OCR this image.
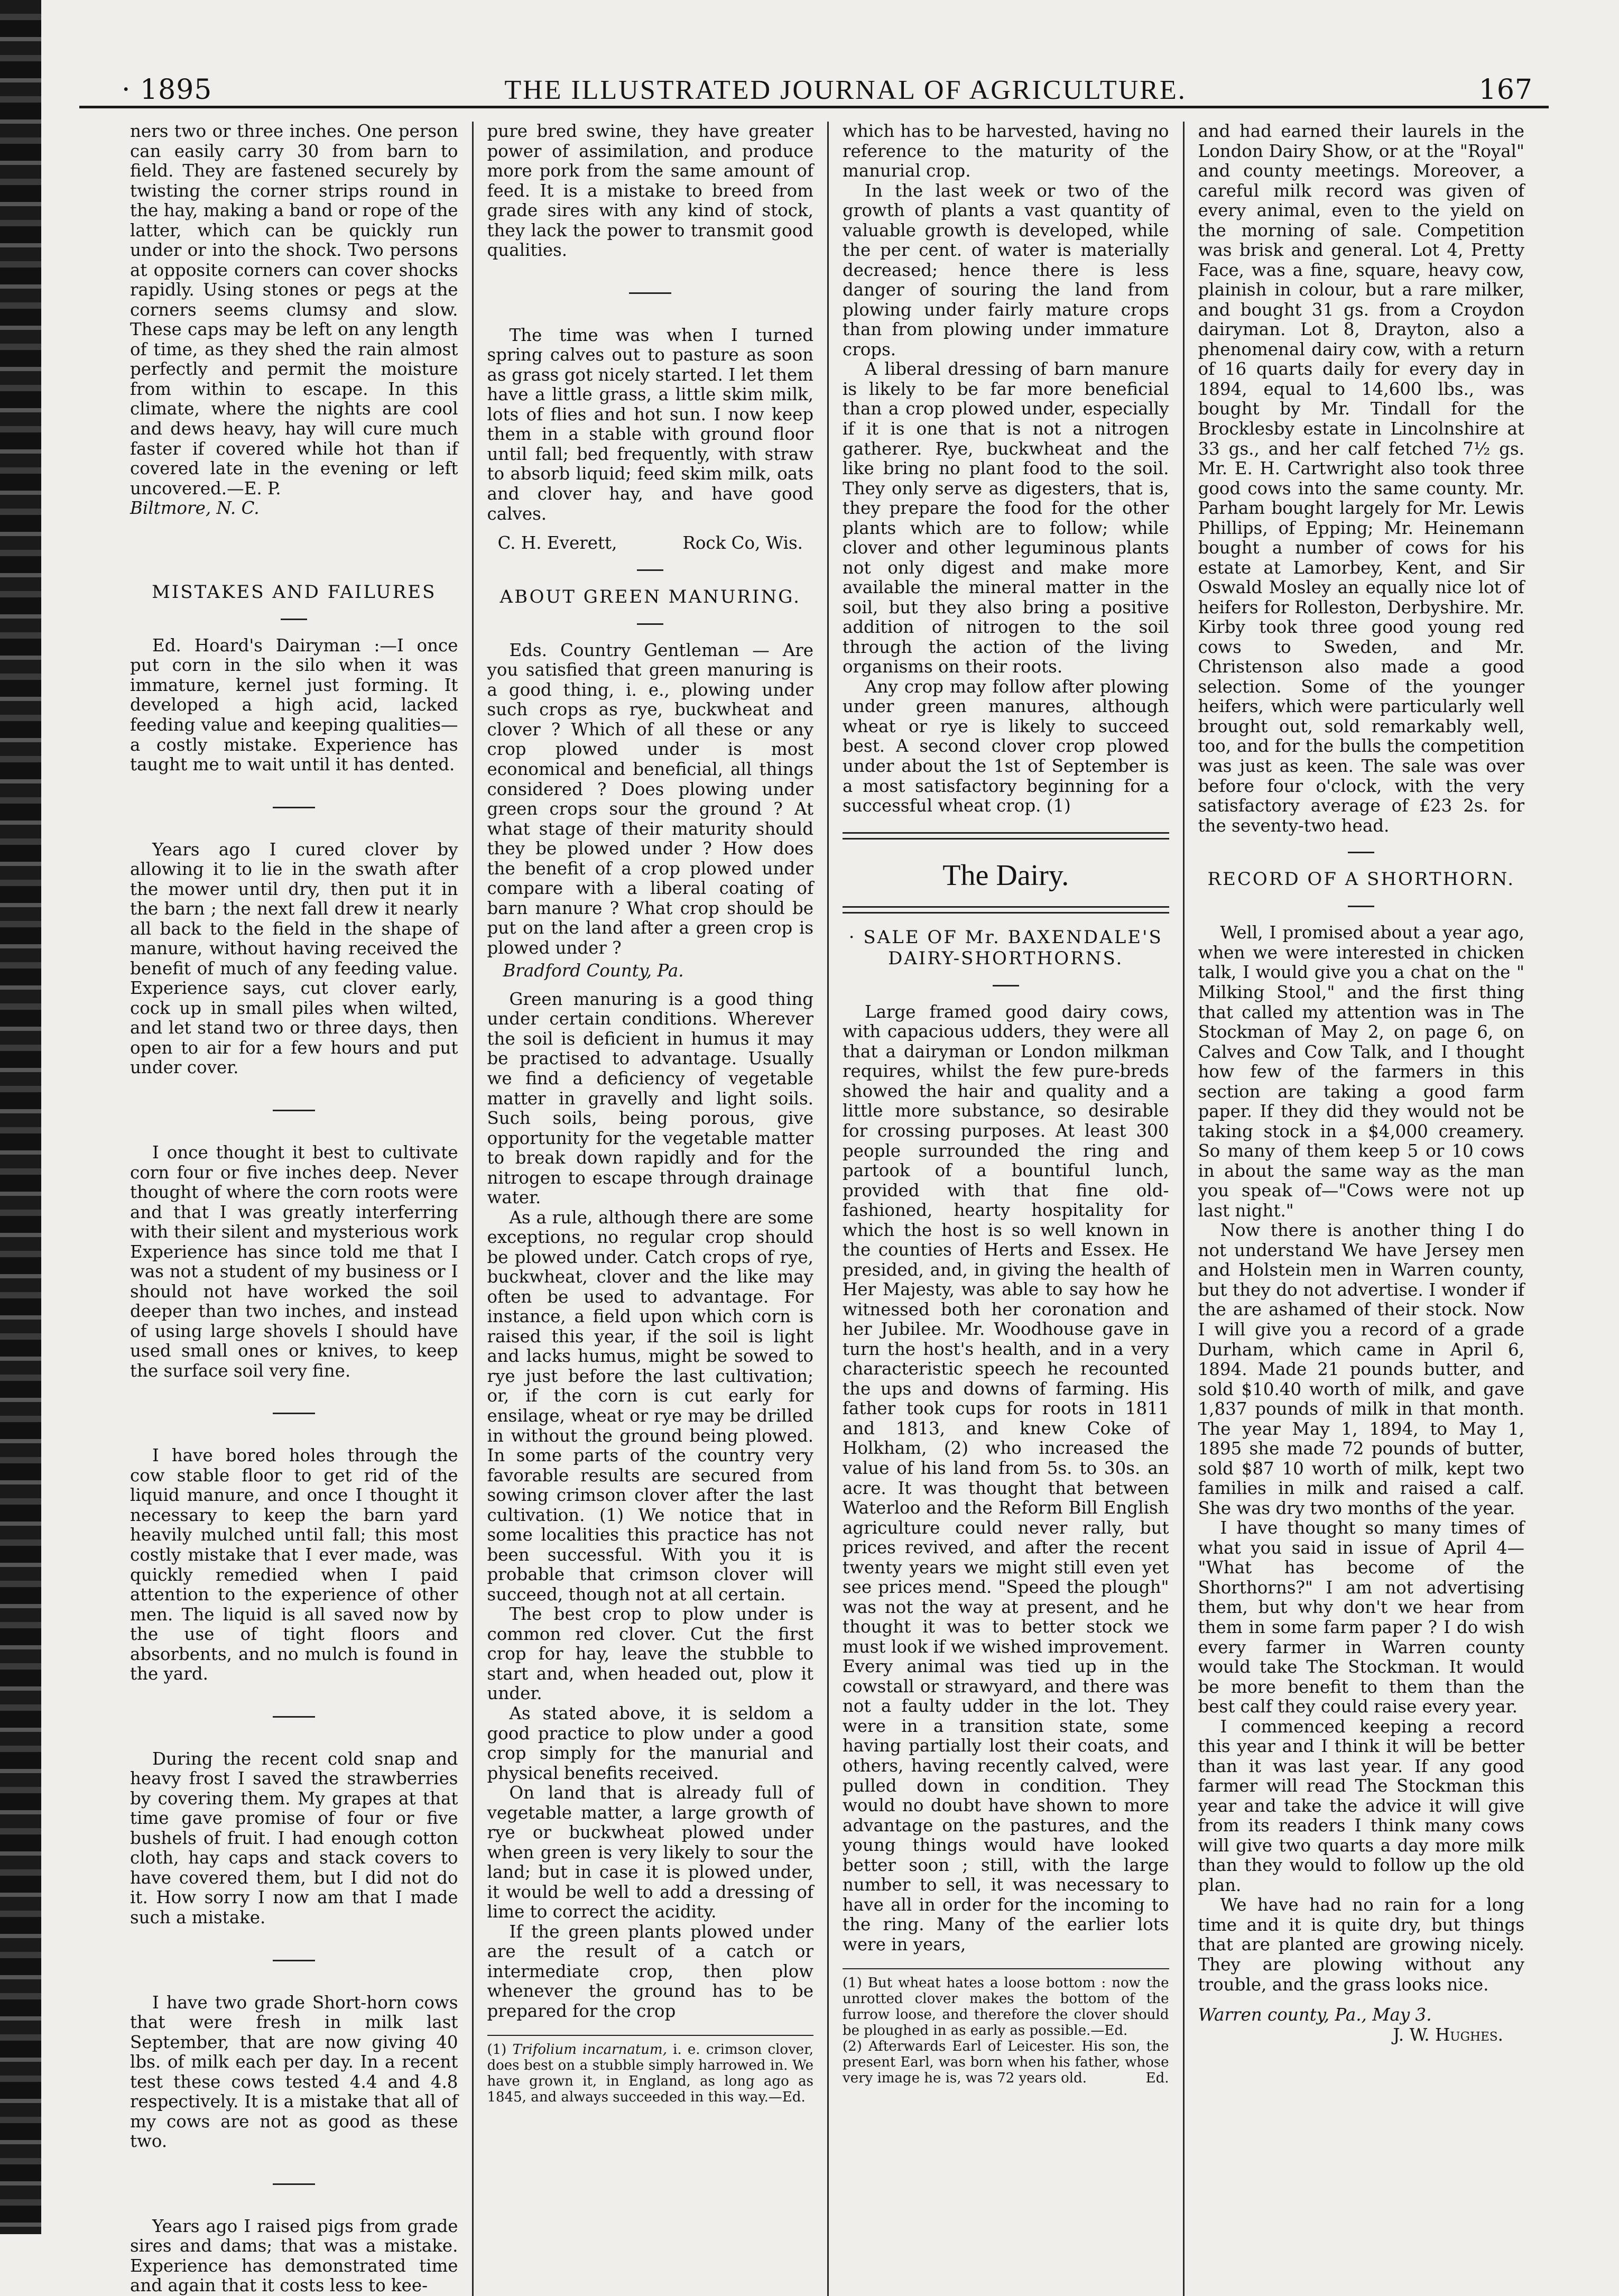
· 1895	THE ILLUSTRATED JOURNAL OF AGRICULTURE.	167

ners two or three inches. One person can easily carry 30 from barn to field. They are fastened securely by twisting the corner strips round in the hay, making a band or rope of the latter, which can be quickly run under or into the shock. Two persons at opposite corners can cover shocks rapidly. Using stones or pegs at the corners seems clumsy and slow. These caps may be left on any length of time, as they shed the rain almost perfectly and permit the moisture from within to escape. In this climate, where the nights are cool and dews heavy, hay will cure much faster if covered while hot than if covered late in the evening or left uncovered.—E. P.

Biltmore, N. C.

MISTAKES AND FAILURES

Ed. Hoard's Dairyman :—I once put corn in the silo when it was immature, kernel just forming. It developed a high acid, lacked feeding value and keeping qualities—a costly mistake. Experience has taught me to wait until it has dented.

Years ago I cured clover by allowing it to lie in the swath after the mower until dry, then put it in the barn ; the next fall drew it nearly all back to the field in the shape of manure, without having received the benefit of much of any feeding value. Experience says, cut clover early, cock up in small piles when wilted, and let stand two or three days, then open to air for a few hours and put under cover.

I once thought it best to cultivate corn four or five inches deep. Never thought of where the corn roots were and that I was greatly interferring with their silent and mysterious work Experience has since told me that I was not a student of my business or I should not have worked the soil deeper than two inches, and instead of using large shovels I should have used small ones or knives, to keep the surface soil very fine.

I have bored holes through the cow stable floor to get rid of the liquid manure, and once I thought it necessary to keep the barn yard heavily mulched until fall; this most costly mistake that I ever made, was quickly remedied when I paid attention to the experience of other men. The liquid is all saved now by the use of tight floors and absorbents, and no mulch is found in the yard.

During the recent cold snap and heavy frost I saved the strawberries by covering them. My grapes at that time gave promise of four or five bushels of fruit. I had enough cotton cloth, hay caps and stack covers to have covered them, but I did not do it. How sorry I now am that I made such a mistake.

I have two grade Short-horn cows that were fresh in milk last September, that are now giving 40 lbs. of milk each per day. In a recent test these cows tested 4.4 and 4.8 respectively. It is a mistake that all of my cows are not as good as these two.

Years ago I raised pigs from grade sires and dams; that was a mistake. Experience has demonstrated time and again that it costs less to kee-

pure bred swine, they have greater power of assimilation, and produce more pork from the same amount of feed. It is a mistake to breed from grade sires with any kind of stock, they lack the power to transmit good qualities.

The time was when I turned spring calves out to pasture as soon as grass got nicely started. I let them have a little grass, a little skim milk, lots of flies and hot sun. I now keep them in a stable with ground floor until fall; bed frequently, with straw to absorb liquid; feed skim milk, oats and clover hay, and have good calves.

C. H. Everett,	Rock Co, Wis.
ABOUT GREEN MANURING.

Eds. Country Gentleman — Are you satisfied that green manuring is a good thing, i. e., plowing under such crops as rye, buckwheat and clover ? Which of all these or any crop plowed under is most economical and beneficial, all things considered ? Does plowing under green crops sour the ground ? At what stage of their maturity should they be plowed under ? How does the benefit of a crop plowed under compare with a liberal coating of barn manure ? What crop should be put on the land after a green crop is plowed under ?

Bradford County, Pa.

Green manuring is a good thing under certain conditions. Wherever the soil is deficient in humus it may be practised to advantage. Usually we find a deficiency of vegetable matter in gravelly and light soils. Such soils, being porous, give opportunity for the vegetable matter to break down rapidly and for the nitrogen to escape through drainage water.

As a rule, although there are some exceptions, no regular crop should be plowed under. Catch crops of rye, buckwheat, clover and the like may often be used to advantage. For instance, a field upon which corn is raised this year, if the soil is light and lacks humus, might be sowed to rye just before the last cultivation; or, if the corn is cut early for ensilage, wheat or rye may be drilled in without the ground being plowed. In some parts of the country very favorable results are secured from sowing crimson clover after the last cultivation. (1) We notice that in some localities this practice has not been successful. With you it is probable that crimson clover will succeed, though not at all certain.

The best crop to plow under is common red clover. Cut the first crop for hay, leave the stubble to start and, when headed out, plow it under.

As stated above, it is seldom a good practice to plow under a good crop simply for the manurial and physical benefits received.

On land that is already full of vegetable matter, a large growth of rye or buckwheat plowed under when green is very likely to sour the land; but in case it is plowed under, it would be well to add a dressing of lime to correct the acidity.

If the green plants plowed under are the result of a catch or intermediate crop, then plow whenever the ground has to be prepared for the crop

(1) Trifolium incarnatum, i. e. crimson clover, does best on a stubble simply harrowed in. We have grown it, in England, as long ago as 1845, and always succeeded in this way.—Ed.

which has to be harvested, having no reference to the maturity of the manurial crop.

In the last week or two of the growth of plants a vast quantity of valuable growth is developed, while the per cent. of water is materially decreased; hence there is less danger of souring the land from plowing under fairly mature crops than from plowing under immature crops.

A liberal dressing of barn manure is likely to be far more beneficial than a crop plowed under, especially if it is one that is not a nitrogen gatherer. Rye, buckwheat and the like bring no plant food to the soil. They only serve as digesters, that is, they prepare the food for the other plants which are to follow; while clover and other leguminous plants not only digest and make more available the mineral matter in the soil, but they also bring a positive addition of nitrogen to the soil through the action of the living organisms on their roots.

Any crop may follow after plowing under green manures, although wheat or rye is likely to succeed best. A second clover crop plowed under about the 1st of September is a most satisfactory beginning for a successful wheat crop. (1)

The Dairy.
· SALE OF Mr. BAXENDALE'S DAIRY-SHORTHORNS.

Large framed good dairy cows, with capacious udders, they were all that a dairyman or London milkman requires, whilst the few pure-breds showed the hair and quality and a little more substance, so desirable for crossing purposes. At least 300 people surrounded the ring and partook of a bountiful lunch, provided with that fine old-fashioned, hearty hospitality for which the host is so well known in the counties of Herts and Essex. He presided, and, in giving the health of Her Majesty, was able to say how he witnessed both her coronation and her Jubilee. Mr. Woodhouse gave in turn the host's health, and in a very characteristic speech he recounted the ups and downs of farming. His father took cups for roots in 1811 and 1813, and knew Coke of Holkham, (2) who increased the value of his land from 5s. to 30s. an acre. It was thought that between Waterloo and the Reform Bill English agriculture could never rally, but prices revived, and after the recent twenty years we might still even yet see prices mend. "Speed the plough" was not the way at present, and he thought it was to better stock we must look if we wished improvement. Every animal was tied up in the cowstall or strawyard, and there was not a faulty udder in the lot. They were in a transition state, some having partially lost their coats, and others, having recently calved, were pulled down in condition. They would no doubt have shown to more advantage on the pastures, and the young things would have looked better soon ; still, with the large number to sell, it was necessary to have all in order for the incoming to the ring. Many of the earlier lots were in years,

(1) But wheat hates a loose bottom : now the unrotted clover makes the bottom of the furrow loose, and therefore the clover should be ploughed in as early as possible.—Ed.
(2) Afterwards Earl of Leicester. His son, the present Earl, was born when his father, whose very image he is, was 72 years old.	Ed.

and had earned their laurels in the London Dairy Show, or at the "Royal" and county meetings. Moreover, a careful milk record was given of every animal, even to the yield on the morning of sale. Competition was brisk and general. Lot 4, Pretty Face, was a fine, square, heavy cow, plainish in colour, but a rare milker, and bought 31 gs. from a Croydon dairyman. Lot 8, Drayton, also a phenomenal dairy cow, with a return of 16 quarts daily for every day in 1894, equal to 14,600 lbs., was bought by Mr. Tindall for the Brocklesby estate in Lincolnshire at 33 gs., and her calf fetched 7½ gs. Mr. E. H. Cartwright also took three good cows into the same county. Mr. Parham bought largely for Mr. Lewis Phillips, of Epping; Mr. Heinemann bought a number of cows for his estate at Lamorbey, Kent, and Sir Oswald Mosley an equally nice lot of heifers for Rolleston, Derbyshire. Mr. Kirby took three good young red cows to Sweden, and Mr. Christenson also made a good selection. Some of the younger heifers, which were particularly well brought out, sold remarkably well, too, and for the bulls the competition was just as keen. The sale was over before four o'clock, with the very satisfactory average of £23 2s. for the seventy-two head.

RECORD OF A SHORTHORN.

Well, I promised about a year ago, when we were interested in chicken talk, I would give you a chat on the " Milking Stool," and the first thing that called my attention was in The Stockman of May 2, on page 6, on Calves and Cow Talk, and I thought how few of the farmers in this section are taking a good farm paper. If they did they would not be taking stock in a $4,000 creamery. So many of them keep 5 or 10 cows in about the same way as the man you speak of—"Cows were not up last night."

Now there is another thing I do not understand We have Jersey men and Holstein men in Warren county, but they do not advertise. I wonder if the are ashamed of their stock. Now I will give you a record of a grade Durham, which came in April 6, 1894. Made 21 pounds butter, and sold $10.40 worth of milk, and gave 1,837 pounds of milk in that month. The year May 1, 1894, to May 1, 1895 she made 72 pounds of butter, sold $87 10 worth of milk, kept two families in milk and raised a calf. She was dry two months of the year.

I have thought so many times of what you said in issue of April 4— "What has become of the Shorthorns?" I am not advertising them, but why don't we hear from them in some farm paper ? I do wish every farmer in Warren county would take The Stockman. It would be more benefit to them than the best calf they could raise every year.

I commenced keeping a record this year and I think it will be better than it was last year. If any good farmer will read The Stockman this year and take the advice it will give from its readers I think many cows will give two quarts a day more milk than they would to follow up the old plan.

We have had no rain for a long time and it is quite dry, but things that are planted are growing nicely. They are plowing without any trouble, and the grass looks nice.

Warren county, Pa., May 3.

J. W. Hughes.
